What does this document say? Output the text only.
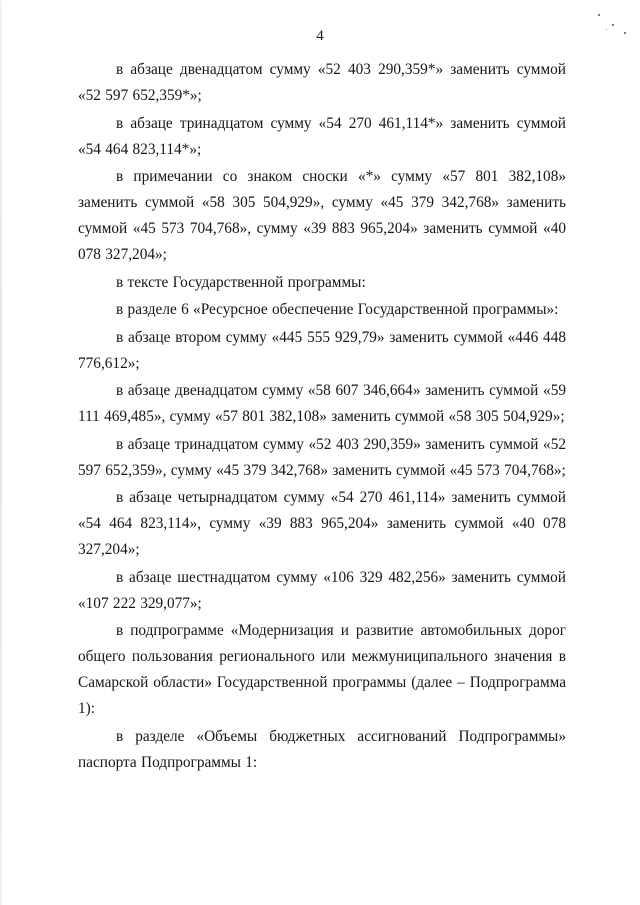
4

в абзаце двенадцатом сумму «52 403 290,359*» заменить суммой «52 597 652,359*»;

в абзаце тринадцатом сумму «54 270 461,114*» заменить суммой «54 464 823,114*»;

в примечании со знаком сноски «*» сумму «57 801 382,108» заменить суммой «58 305 504,929», сумму «45 379 342,768» заменить суммой «45 573 704,768», сумму «39 883 965,204» заменить суммой «40 078 327,204»;

в тексте Государственной программы:

в разделе 6 «Ресурсное обеспечение Государственной программы»:

в абзаце втором сумму «445 555 929,79» заменить суммой «446 448 776,612»;

в абзаце двенадцатом сумму «58 607 346,664» заменить суммой «59 111 469,485», сумму «57 801 382,108» заменить суммой «58 305 504,929»;

в абзаце тринадцатом сумму «52 403 290,359» заменить суммой «52 597 652,359», сумму «45 379 342,768» заменить суммой «45 573 704,768»;

в абзаце четырнадцатом сумму «54 270 461,114» заменить суммой «54 464 823,114», сумму «39 883 965,204» заменить суммой «40 078 327,204»;

в абзаце шестнадцатом сумму «106 329 482,256» заменить суммой «107 222 329,077»;

в подпрограмме «Модернизация и развитие автомобильных дорог общего пользования регионального или межмуниципального значения в Самарской области» Государственной программы (далее – Подпрограмма 1):

в разделе «Объемы бюджетных ассигнований Подпрограммы» паспорта Подпрограммы 1:
